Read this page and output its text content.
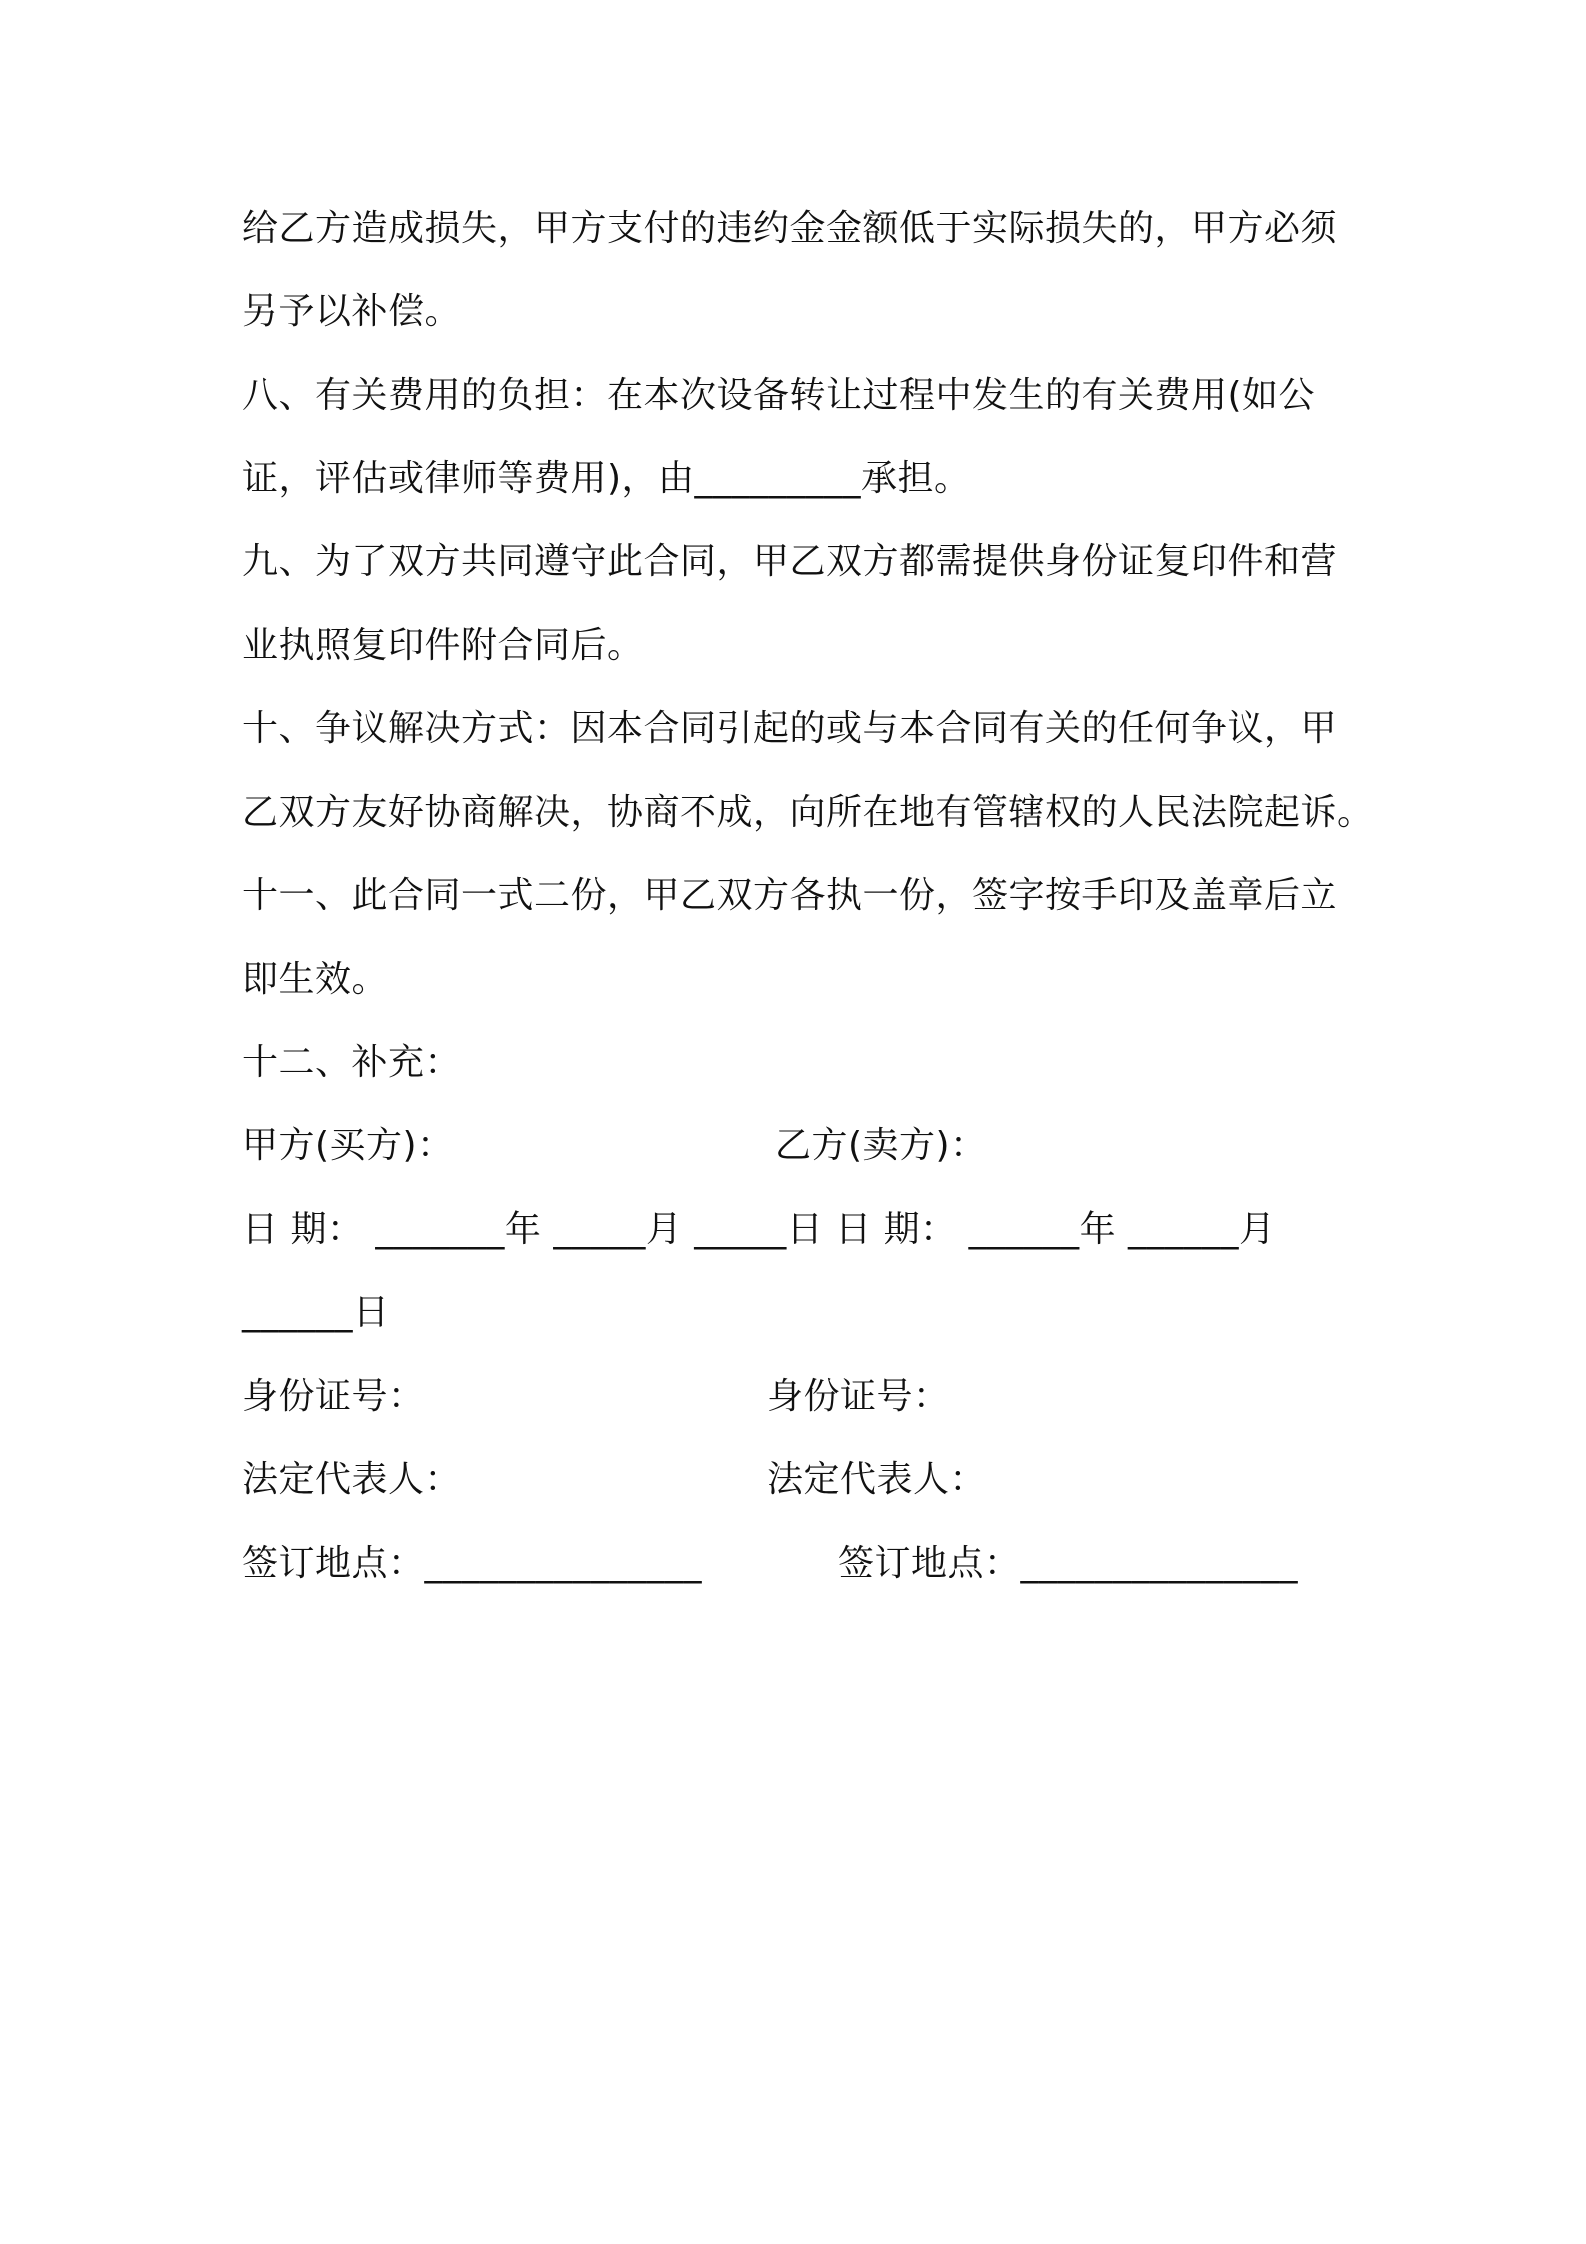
给乙方造成损失，甲方支付的违约金金额低于实际损失的，甲方必须
另予以补偿。
八、有关费用的负担：在本次设备转让过程中发生的有关费用(如公
证，评估或律师等费用)，由_________承担。
九、为了双方共同遵守此合同，甲乙双方都需提供身份证复印件和营
业执照复印件附合同后。
十、争议解决方式：因本合同引起的或与本合同有关的任何争议，甲
乙双方友好协商解决，协商不成，向所在地有管辖权的人民法院起诉。
十一、此合同一式二份，甲乙双方各执一份，签字按手印及盖章后立
即生效。
十二、补充：
甲方(买方)：	乙方(卖方)：
日 期： _______年 _____月 _____日 日 期： ______年 ______月
______日
身份证号：	身份证号：
法定代表人：	法定代表人：
签订地点：_______________	签订地点：_______________
